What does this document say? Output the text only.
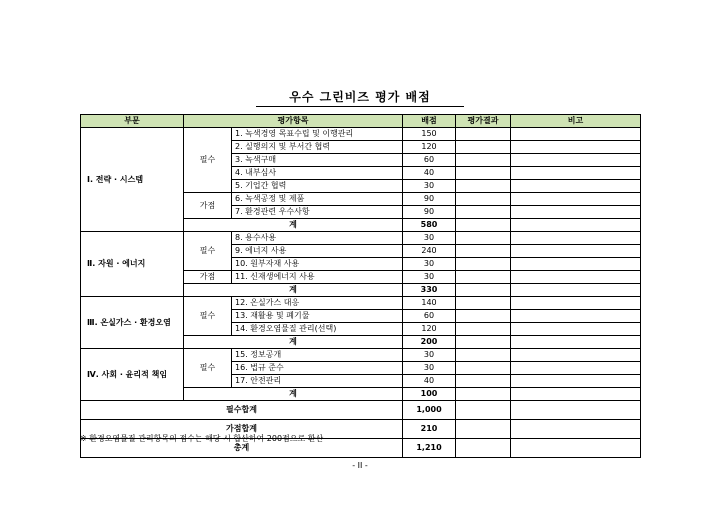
우수 그린비즈 평가 배점
부문	평가항목		배점	평가결과	비고
Ⅰ. 전략 · 시스템	필수	1. 녹색경영 목표수립 및 이행관리	150		
		2. 실행의지 및 부서간 협력	120		
		3. 녹색구매	60		
		4. 내부심사	40		
		5. 기업간 협력	30		
	가점	6. 녹색공정 및 제품	90		
		7. 환경관련 우수사항	90		
	계		580		
Ⅱ. 자원 · 에너지	필수	8. 용수사용	30		
		9. 에너지 사용	240		
		10. 원부자재 사용	30		
	가점	11. 신재생에너지 사용	30		
	계		330		
Ⅲ. 온실가스 · 환경오염	필수	12. 온실가스 대응	140		
		13. 재활용 및 폐기물	60		
		14. 환경오염물질 관리(선택)	120		
	계		200		
Ⅳ. 사회 · 윤리적 책임	필수	15. 정보공개	30		
		16. 법규 준수	30		
		17. 안전관리	40		
	계		100		
필수합계			1,000		
가점합계			210		
총계			1,210		
※ 환경오염물질 관리항목의 점수는 해당 시 합산하여 200점으로 환산
- II -
